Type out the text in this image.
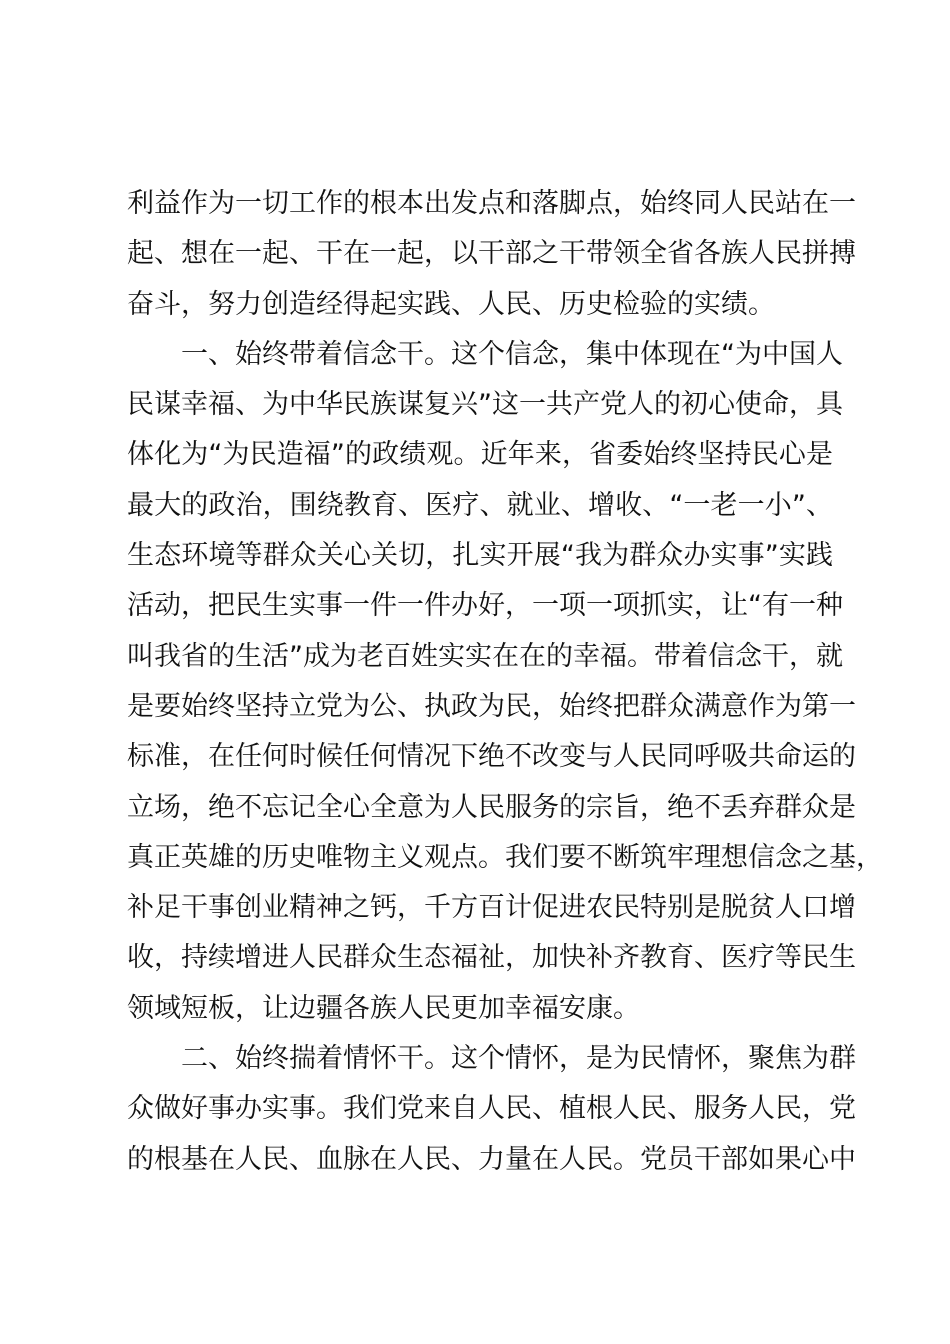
利益作为一切工作的根本出发点和落脚点，始终同人民站在一
起、想在一起、干在一起，以干部之干带领全省各族人民拼搏
奋斗，努力创造经得起实践、人民、历史检验的实绩。
一、始终带着信念干。这个信念，集中体现在“为中国人
民谋幸福、为中华民族谋复兴”这一共产党人的初心使命，具
体化为“为民造福”的政绩观。近年来，省委始终坚持民心是
最大的政治，围绕教育、医疗、就业、增收、“一老一小”、
生态环境等群众关心关切，扎实开展“我为群众办实事”实践
活动，把民生实事一件一件办好，一项一项抓实，让“有一种
叫我省的生活”成为老百姓实实在在的幸福。带着信念干，就
是要始终坚持立党为公、执政为民，始终把群众满意作为第一
标准，在任何时候任何情况下绝不改变与人民同呼吸共命运的
立场，绝不忘记全心全意为人民服务的宗旨，绝不丢弃群众是
真正英雄的历史唯物主义观点。我们要不断筑牢理想信念之基，
补足干事创业精神之钙，千方百计促进农民特别是脱贫人口增
收，持续增进人民群众生态福祉，加快补齐教育、医疗等民生
领域短板，让边疆各族人民更加幸福安康。
二、始终揣着情怀干。这个情怀，是为民情怀，聚焦为群
众做好事办实事。我们党来自人民、植根人民、服务人民，党
的根基在人民、血脉在人民、力量在人民。党员干部如果心中
